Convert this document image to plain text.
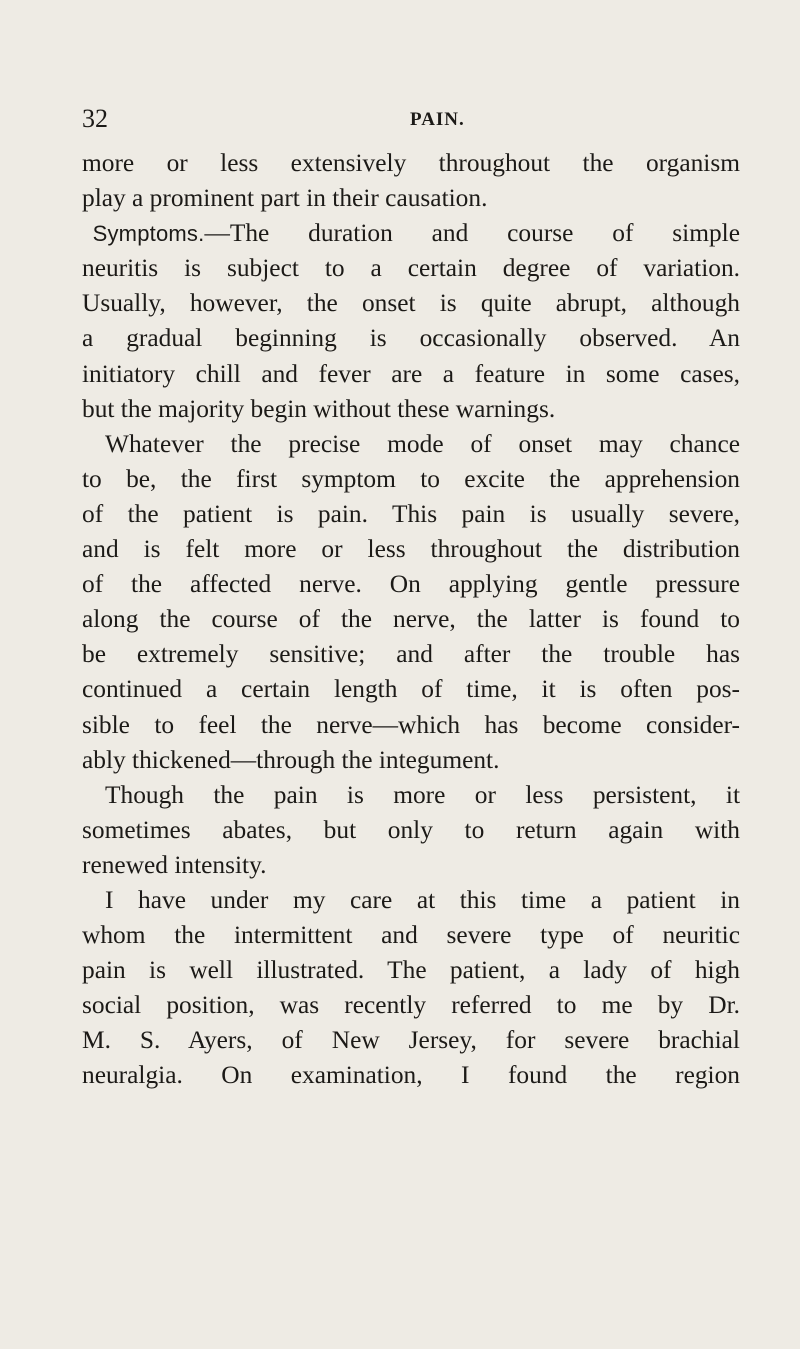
32	PAIN.

more or less extensively throughout the organism
play a prominent part in their causation.

     Symptoms.—The duration and course of simple
neuritis is subject to a certain degree of variation.
Usually, however, the onset is quite abrupt, although
a gradual beginning is occasionally observed. An
initiatory chill and fever are a feature in some cases,
but the majority begin without these warnings.

Whatever the precise mode of onset may chance
to be, the first symptom to excite the apprehension
of the patient is pain. This pain is usually severe,
and is felt more or less throughout the distribution
of the affected nerve. On applying gentle pressure
along the course of the nerve, the latter is found to
be extremely sensitive; and after the trouble has
continued a certain length of time, it is often pos-
sible to feel the nerve—which has become consider-
ably thickened—through the integument.

Though the pain is more or less persistent, it
sometimes abates, but only to return again with
renewed intensity.

I have under my care at this time a patient in
whom the intermittent and severe type of neuritic
pain is well illustrated. The patient, a lady of high
social position, was recently referred to me by Dr.
M. S. Ayers, of New Jersey, for severe brachial
neuralgia. On examination, I found the region
